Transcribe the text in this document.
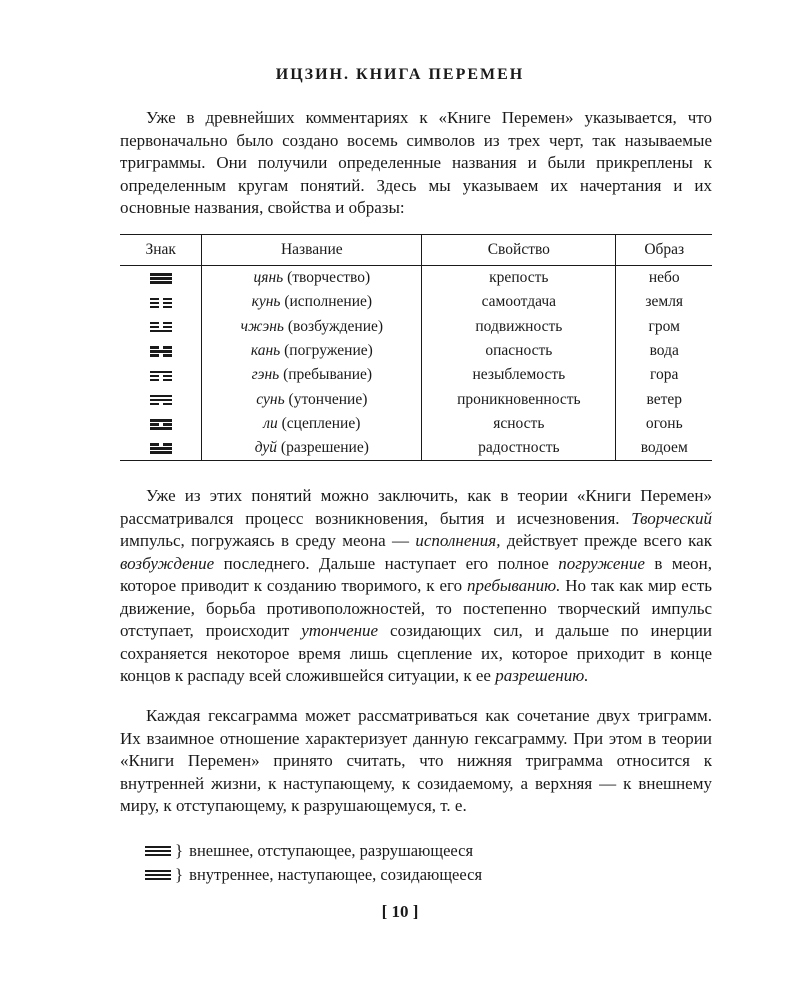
ИЦЗИН. КНИГА ПЕРЕМЕН

Уже в древнейших комментариях к «Книге Перемен» указывается, что первоначально было создано восемь символов из трех черт, так называемые триграммы. Они получили определенные названия и были прикреплены к определенным кругам понятий. Здесь мы указываем их начертания и их основные названия, свойства и образы:

Знак	Название	Свойство	Образ

	цянь (творчество)	крепость	небо

	кунь (исполнение)	самоотдача	земля

	чжэнь (возбуждение)	подвижность	гром

	кань (погружение)	опасность	вода

	гэнь (пребывание)	незыблемость	гора

	сунь (утончение)	проникновенность	ветер

	ли (сцепление)	ясность	огонь

	дуй (разрешение)	радостность	водоем

Уже из этих понятий можно заключить, как в теории «Книги Перемен» рассматривался процесс возникновения, бытия и исчезновения. Творческий импульс, погружаясь в среду меона — исполнения, действует прежде всего как возбуждение последнего. Дальше наступает его полное погружение в меон, которое приводит к созданию творимого, к его пребыванию. Но так как мир есть движение, борьба противоположностей, то постепенно творческий импульс отступает, происходит утончение созидающих сил, и дальше по инерции сохраняется некоторое время лишь сцепление их, которое приходит в конце концов к распаду всей сложившейся ситуации, к ее разрешению.

Каждая гексаграмма может рассматриваться как сочетание двух триграмм. Их взаимное отношение характеризует данную гексаграмму. При этом в теории «Книги Перемен» принято считать, что нижняя триграмма относится к внутренней жизни, к наступающему, к созидаемому, а верхняя — к внешнему миру, к отступающему, к разрушающемуся, т. е.

} внешнее, отступающее, разрушающееся
} внутреннее, наступающее, созидающееся
[ 10 ]
